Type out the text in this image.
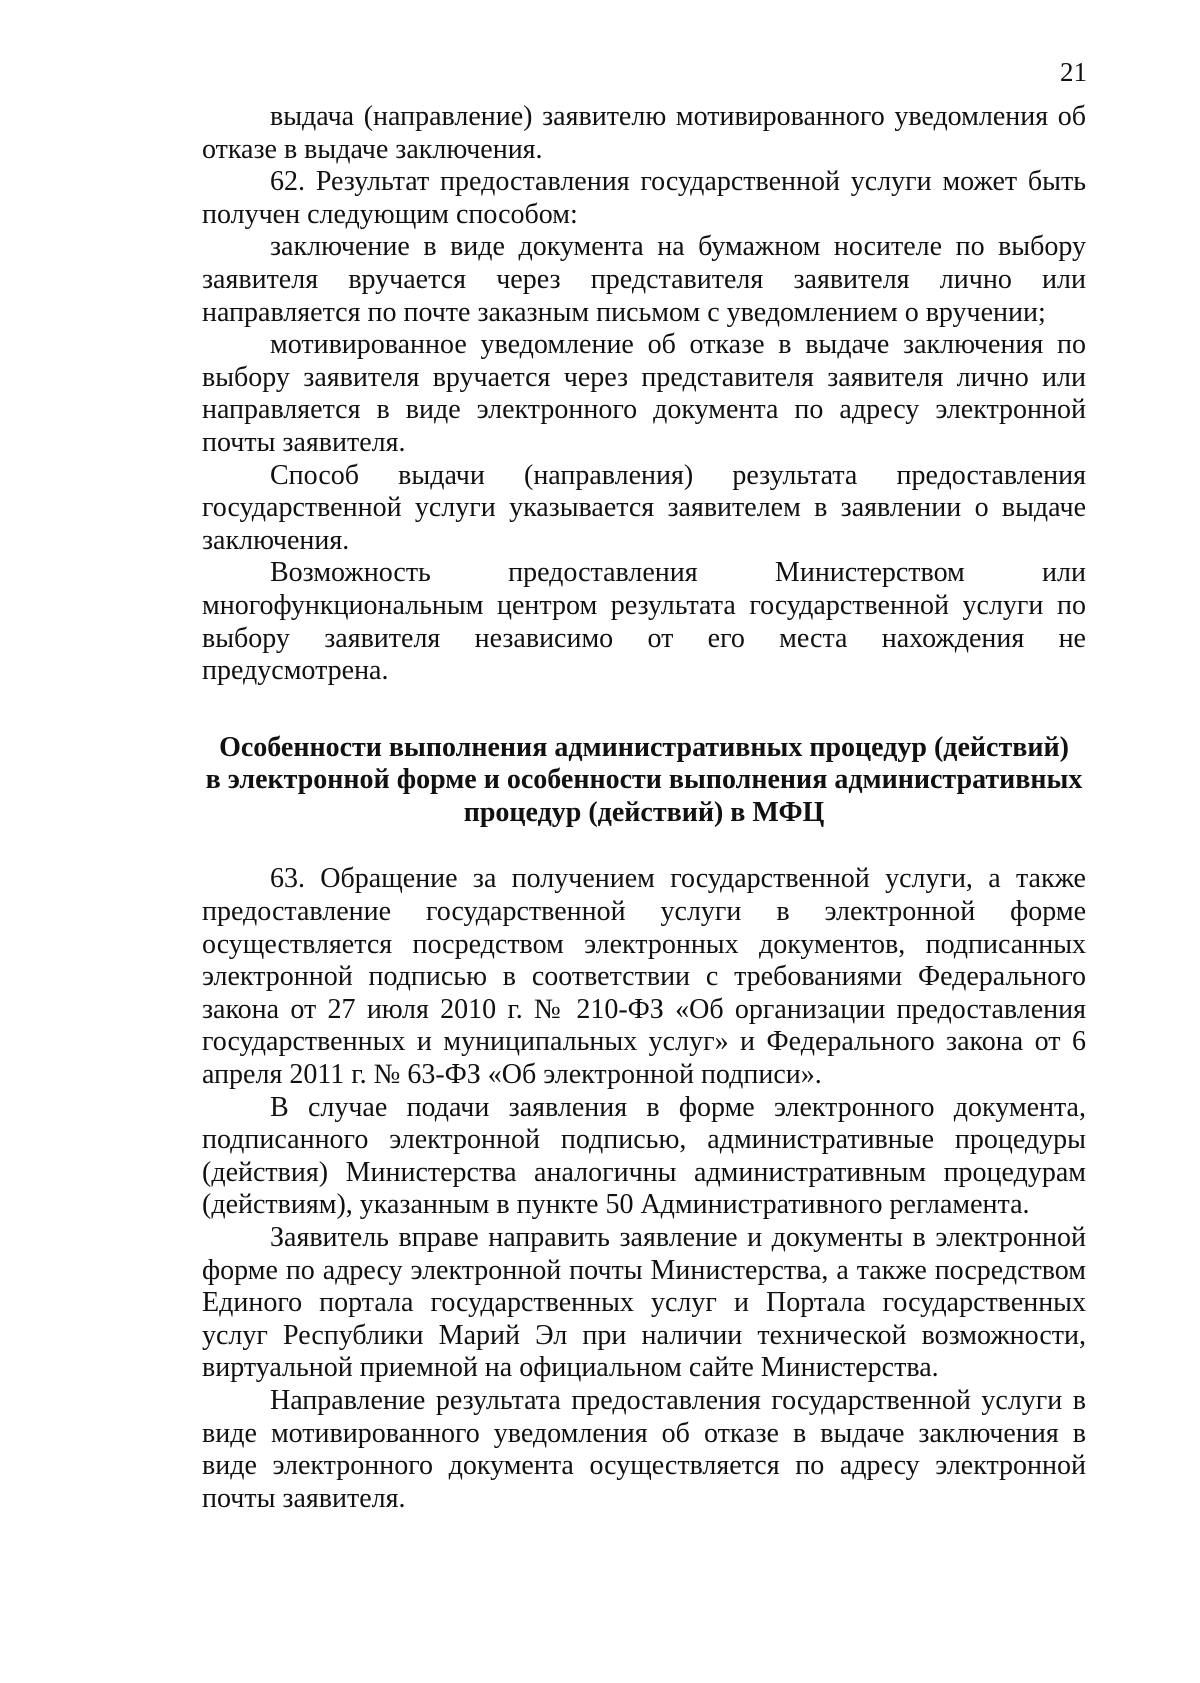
21

выдача (направление) заявителю мотивированного уведомления об отказе в выдаче заключения.

62. Результат предоставления государственной услуги может быть получен следующим способом:

заключение в виде документа на бумажном носителе по выбору заявителя вручается через представителя заявителя лично или направляется по почте заказным письмом с уведомлением о вручении;

мотивированное уведомление об отказе в выдаче заключения по выбору заявителя вручается через представителя заявителя лично или направляется в виде электронного документа по адресу электронной почты заявителя.

Способ выдачи (направления) результата предоставления государственной услуги указывается заявителем в заявлении о выдаче заключения.

Возможность предоставления Министерством или многофункциональным центром результата государственной услуги по выбору заявителя независимо от его места нахождения не предусмотрена.

Особенности выполнения административных процедур (действий)
в электронной форме и особенности выполнения административных
процедур (действий) в МФЦ

63. Обращение за получением государственной услуги, а также предоставление государственной услуги в электронной форме осуществляется посредством электронных документов, подписанных электронной подписью в соответствии с требованиями Федерального закона от 27 июля 2010 г. № 210-ФЗ «Об организации предоставления государственных и муниципальных услуг» и Федерального закона от 6 апреля 2011 г. № 63-ФЗ «Об электронной подписи».

В случае подачи заявления в форме электронного документа, подписанного электронной подписью, административные процедуры (действия) Министерства аналогичны административным процедурам (действиям), указанным в пункте 50 Административного регламента.

Заявитель вправе направить заявление и документы в электронной форме по адресу электронной почты Министерства, а также посредством Единого портала государственных услуг и Портала государственных услуг Республики Марий Эл при наличии технической возможности, виртуальной приемной на официальном сайте Министерства.

Направление результата предоставления государственной услуги в виде мотивированного уведомления об отказе в выдаче заключения в виде электронного документа осуществляется по адресу электронной почты заявителя.
